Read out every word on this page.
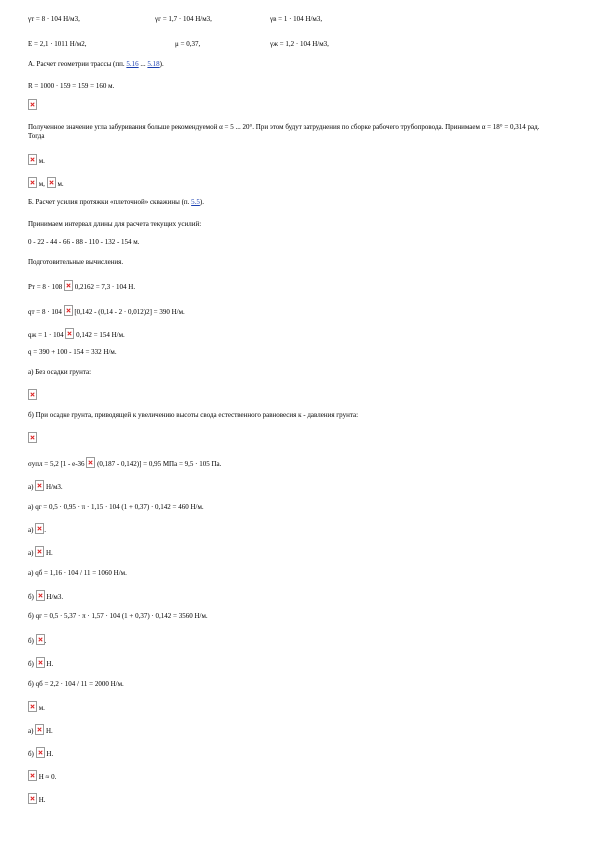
γт = 8 · 104 Н/м3,	γг = 1,7 · 104 Н/м3,	γв = 1 · 104 Н/м3,
E = 2,1 · 1011 Н/м2,	μ = 0,37,	γж = 1,2 · 104 Н/м3,
А. Расчет геометрии трассы (пп. 5.16 ... 5.18).
R = 1000 · 159 = 159 = 160 м.
Полученное значение угла забуривания больше рекомендуемой α = 5 ... 20°. При этом будут затруднения по сборке рабочего трубопровода. Принимаем α = 18° = 0,314 рад. Тогда
м.
м,  м.
Б. Расчет усилия протяжки «плеточной» скважины (п. 5.5).
Принимаем интервал длины для расчета текущих усилий:
0 - 22 - 44 - 66 - 88 - 110 - 132 - 154 м.
Подготовительные вычисления.
Рт = 8 · 108  0,2162 = 7,3 · 104 Н.
qт = 8 · 104  [0,142 - (0,14 - 2 · 0,012)2] = 390 Н/м.
qж = 1 · 104  0,142 = 154 Н/м.
q = 390 + 100 - 154 = 332 Н/м.
а) Без осадки грунта:
б) При осадке грунта, приводящей к увеличению высоты свода естественного равновесия к - давления грунта:
σупл = 5,2 [1 - e-36  (0,187 - 0,142)] = 0,95 МПа = 9,5 · 105 Па.
а)  Н/м3.
а) qг = 0,5 · 0,95 · π · 1,15 · 104 (1 + 0,37) · 0,142 = 460 Н/м.
а) .
а)  Н.
а) qб = 1,16 · 104 / 11 = 1060 Н/м.
б)  Н/м3.
б) qг = 0,5 · 5,37 · π · 1,57 · 104 (1 + 0,37) · 0,142 = 3560 Н/м.
б) .
б)  Н.
б) qб = 2,2 · 104 / 11 = 2000 Н/м.
м.
а)  Н.
б)  Н.
Н ≈ 0.
Н.
